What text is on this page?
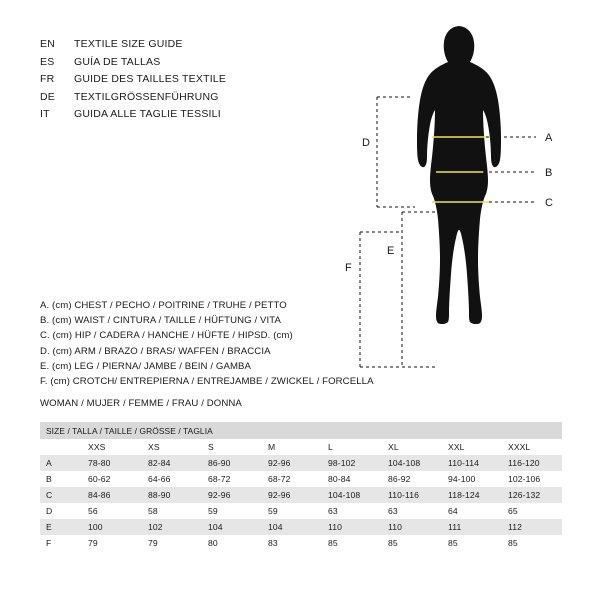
EN	TEXTILE SIZE GUIDE
ES	GUÍA DE TALLAS
FR	GUIDE DES TAILLES TEXTILE
DE	TEXTILGRÖSSENFÜHRUNG
IT	GUIDA ALLE TAGLIE TESSILI
A
B
C
D
E
F
A. (cm) CHEST / PECHO / POITRINE / TRUHE / PETTO
B. (cm) WAIST / CINTURA / TAILLE / HÜFTUNG / VITA
C. (cm) HIP / CADERA / HANCHE / HÜFTE / HIPSD. (cm)
D. (cm) ARM / BRAZO / BRAS/ WAFFEN / BRACCIA
E. (cm) LEG / PIERNA/ JAMBE / BEIN / GAMBA
F. (cm) CROTCH/ ENTREPIERNA / ENTREJAMBE / ZWICKEL / FORCELLA
WOMAN / MUJER / FEMME / FRAU / DONNA
SIZE / TALLA / TAILLE / GRÖSSE / TAGLIA								
	XXS	XS	S	M	L	XL	XXL	XXXL
A	78-80	82-84	86-90	92-96	98-102	104-108	110-114	116-120
B	60-62	64-66	68-72	68-72	80-84	86-92	94-100	102-106
C	84-86	88-90	92-96	92-96	104-108	110-116	118-124	126-132
D	56	58	59	59	63	63	64	65
E	100	102	104	104	110	110	111	112
F	79	79	80	83	85	85	85	85
